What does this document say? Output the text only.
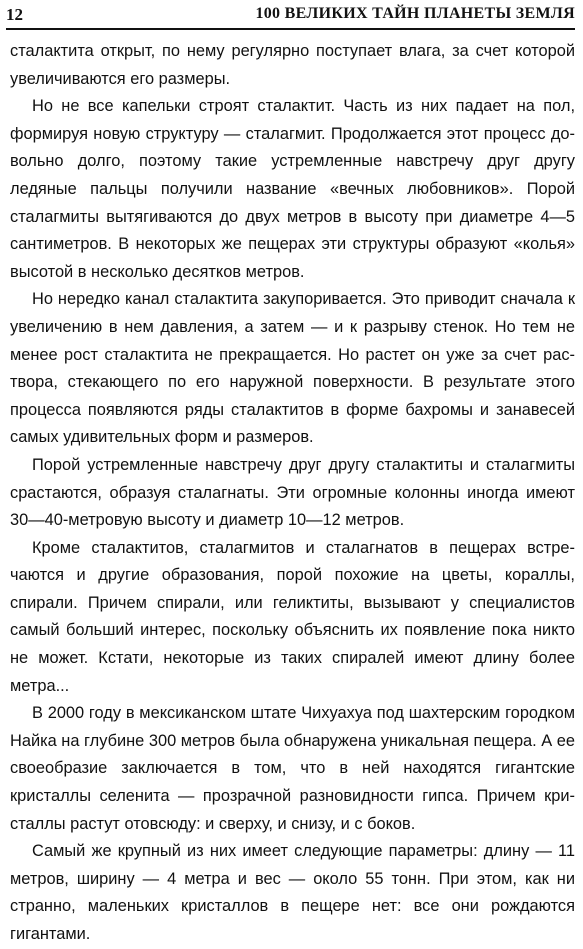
12	100 ВЕЛИКИХ ТАЙН ПЛАНЕТЫ ЗЕМЛЯ

сталактита открыт, по нему регулярно поступает влага, за счет которой увеличиваются его размеры.

Но не все капельки строят сталактит. Часть из них падает на пол, формируя новую структуру — сталагмит. Продолжается этот процесс довольно долго, поэтому такие устремленные навстречу друг другу ледяные пальцы получили название «вечных любовников». Порой сталагмиты вытягиваются до двух метров в высоту при диаметре 4—5 сантиметров. В некоторых же пещерах эти структуры образуют «колья» высотой в несколько десятков метров.

Но нередко канал сталактита закупоривается. Это приводит сначала к увеличению в нем давления, а затем — и к разрыву стенок. Но тем не менее рост сталактита не прекращается. Но растет он уже за счет раствора, стекающего по его наружной поверхности. В результате этого процесса появляются ряды сталактитов в форме бахромы и занавесей самых удивительных форм и размеров.

Порой устремленные навстречу друг другу сталактиты и сталагмиты срастаются, образуя сталагнаты. Эти огромные колонны иногда имеют 30—40-метровую высоту и диаметр 10—12 метров.

Кроме сталактитов, сталагмитов и сталагнатов в пещерах встречаются и другие образования, порой похожие на цветы, кораллы, спирали. Причем спирали, или геликтиты, вызывают у специалистов самый больший интерес, поскольку объяснить их появление пока никто не может. Кстати, некоторые из таких спиралей имеют длину более метра...

В 2000 году в мексиканском штате Чихуахуа под шахтерским городком Найка на глубине 300 метров была обнаружена уникальная пещера. А ее своеобразие заключается в том, что в ней находятся гигантские кристаллы селенита — прозрачной разновидности гипса. Причем кристаллы растут отовсюду: и сверху, и снизу, и с боков.

Самый же крупный из них имеет следующие параметры: длину — 11 метров, ширину — 4 метра и вес — около 55 тонн. При этом, как ни странно, маленьких кристаллов в пещере нет: все они рождаются гигантами.
